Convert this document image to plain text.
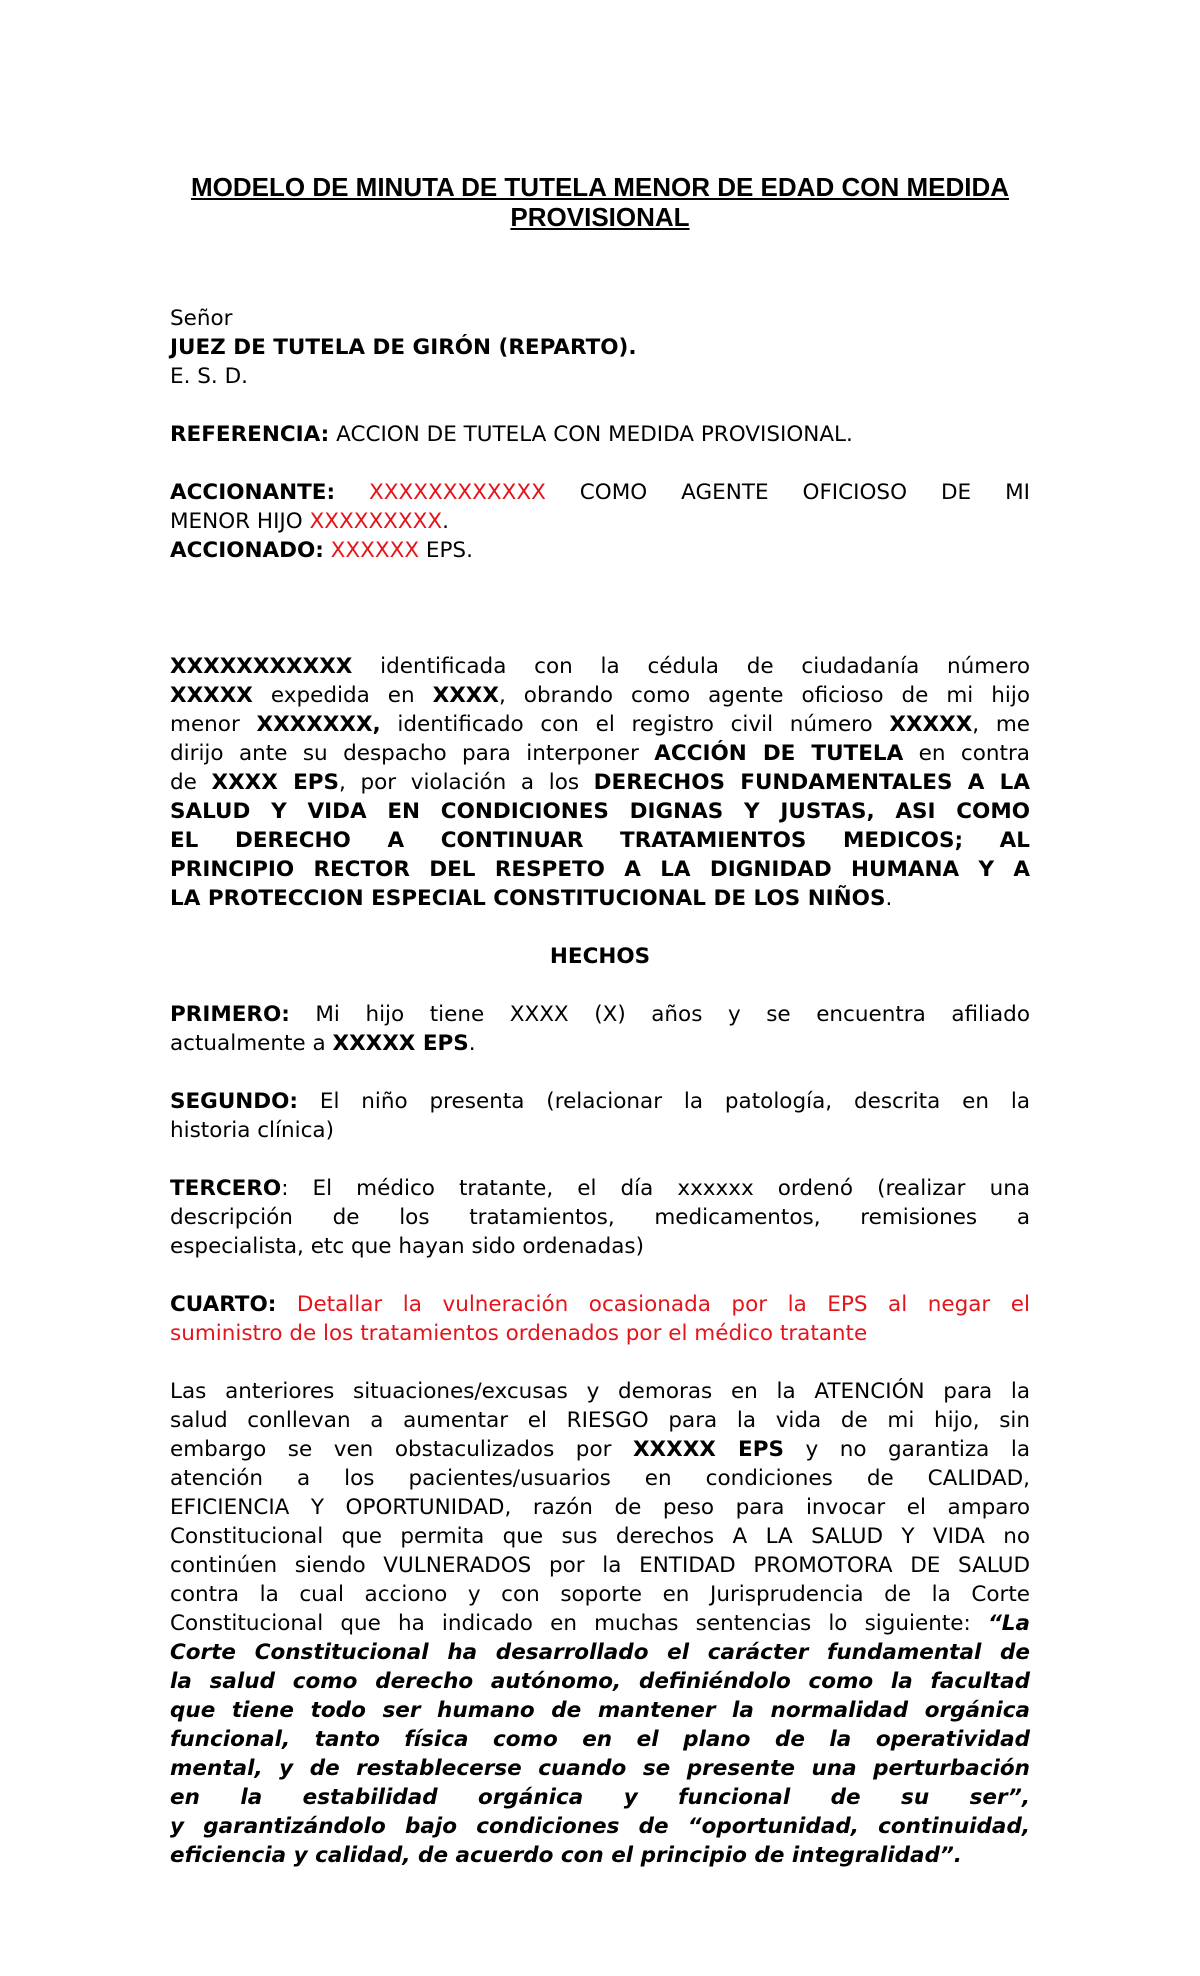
MODELO DE MINUTA DE TUTELA MENOR DE EDAD CON MEDIDA
PROVISIONAL

Señor

JUEZ DE TUTELA DE GIRÓN (REPARTO).

E. S. D.

REFERENCIA: ACCION DE TUTELA CON MEDIDA PROVISIONAL.

ACCIONANTE: XXXXXXXXXXXX COMO AGENTE OFICIOSO DE MI

MENOR HIJO XXXXXXXXX.

ACCIONADO: XXXXXX EPS.

XXXXXXXXXXX identificada con la cédula de ciudadanía número

XXXXX expedida en XXXX, obrando como agente oficioso de mi hijo

menor XXXXXXX, identificado con el registro civil número XXXXX, me

dirijo ante su despacho para interponer ACCIÓN DE TUTELA en contra

de XXXX EPS, por violación a los DERECHOS FUNDAMENTALES A LA

SALUD Y VIDA EN CONDICIONES DIGNAS Y JUSTAS, ASI COMO

EL DERECHO A CONTINUAR TRATAMIENTOS MEDICOS; AL

PRINCIPIO RECTOR DEL RESPETO A LA DIGNIDAD HUMANA Y A

LA PROTECCION ESPECIAL CONSTITUCIONAL DE LOS NIÑOS.

HECHOS

PRIMERO: Mi hijo tiene XXXX (X) años y se encuentra afiliado

actualmente a XXXXX EPS.

SEGUNDO: El niño presenta (relacionar la patología, descrita en la

historia clínica)

TERCERO: El médico tratante, el día xxxxxx ordenó (realizar una

descripción de los tratamientos, medicamentos, remisiones a

especialista, etc que hayan sido ordenadas)

CUARTO: Detallar la vulneración ocasionada por la EPS al negar el

suministro de los tratamientos ordenados por el médico tratante

Las anteriores situaciones/excusas y demoras en la ATENCIÓN para la

salud conllevan a aumentar el RIESGO para la vida de mi hijo, sin

embargo se ven obstaculizados por XXXXX EPS y no garantiza la

atención a los pacientes/usuarios en condiciones de CALIDAD,

EFICIENCIA Y OPORTUNIDAD, razón de peso para invocar el amparo

Constitucional que permita que sus derechos A LA SALUD Y VIDA no

continúen siendo VULNERADOS por la ENTIDAD PROMOTORA DE SALUD

contra la cual acciono y con soporte en Jurisprudencia de la Corte

Constitucional que ha indicado en muchas sentencias lo siguiente: “La

Corte Constitucional ha desarrollado el carácter fundamental de

la salud como derecho autónomo, definiéndolo como la facultad

que tiene todo ser humano de mantener la normalidad orgánica

funcional, tanto física como en el plano de la operatividad

mental, y de restablecerse cuando se presente una perturbación

en la estabilidad orgánica y funcional de su ser”,

y garantizándolo bajo condiciones de “oportunidad, continuidad,

eficiencia y calidad, de acuerdo con el principio de integralidad”.
